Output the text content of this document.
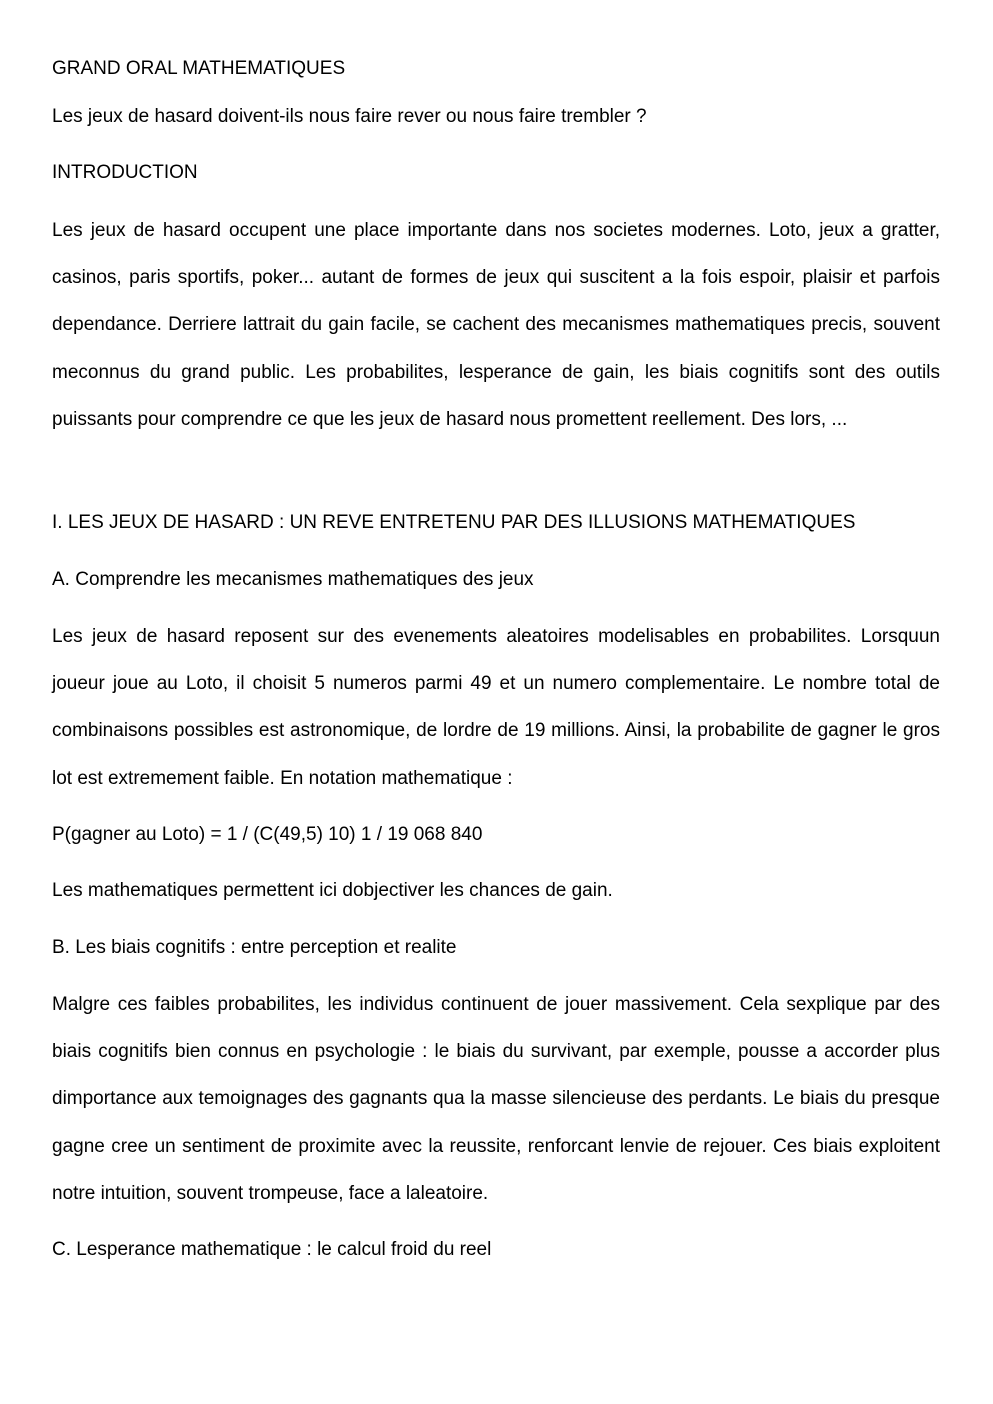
GRAND ORAL MATHEMATIQUES

Les jeux de hasard doivent-ils nous faire rever ou nous faire trembler ?

INTRODUCTION

Les jeux de hasard occupent une place importante dans nos societes modernes. Loto, jeux a gratter, casinos, paris sportifs, poker... autant de formes de jeux qui suscitent a la fois espoir, plaisir et parfois dependance. Derriere lattrait du gain facile, se cachent des mecanismes mathematiques precis, souvent meconnus du grand public. Les probabilites, lesperance de gain, les biais cognitifs sont des outils puissants pour comprendre ce que les jeux de hasard nous promettent reellement. Des lors, ...

I. LES JEUX DE HASARD : UN REVE ENTRETENU PAR DES ILLUSIONS MATHEMATIQUES

A. Comprendre les mecanismes mathematiques des jeux

Les jeux de hasard reposent sur des evenements aleatoires modelisables en probabilites. Lorsquun joueur joue au Loto, il choisit 5 numeros parmi 49 et un numero complementaire. Le nombre total de combinaisons possibles est astronomique, de lordre de 19 millions. Ainsi, la probabilite de gagner le gros lot est extremement faible. En notation mathematique :

P(gagner au Loto) = 1 / (C(49,5) 10) 1 / 19 068 840

Les mathematiques permettent ici dobjectiver les chances de gain.

B. Les biais cognitifs : entre perception et realite

Malgre ces faibles probabilites, les individus continuent de jouer massivement. Cela sexplique par des biais cognitifs bien connus en psychologie : le biais du survivant, par exemple, pousse a accorder plus dimportance aux temoignages des gagnants qua la masse silencieuse des perdants. Le biais du presque gagne cree un sentiment de proximite avec la reussite, renforcant lenvie de rejouer. Ces biais exploitent notre intuition, souvent trompeuse, face a laleatoire.

C. Lesperance mathematique : le calcul froid du reel
